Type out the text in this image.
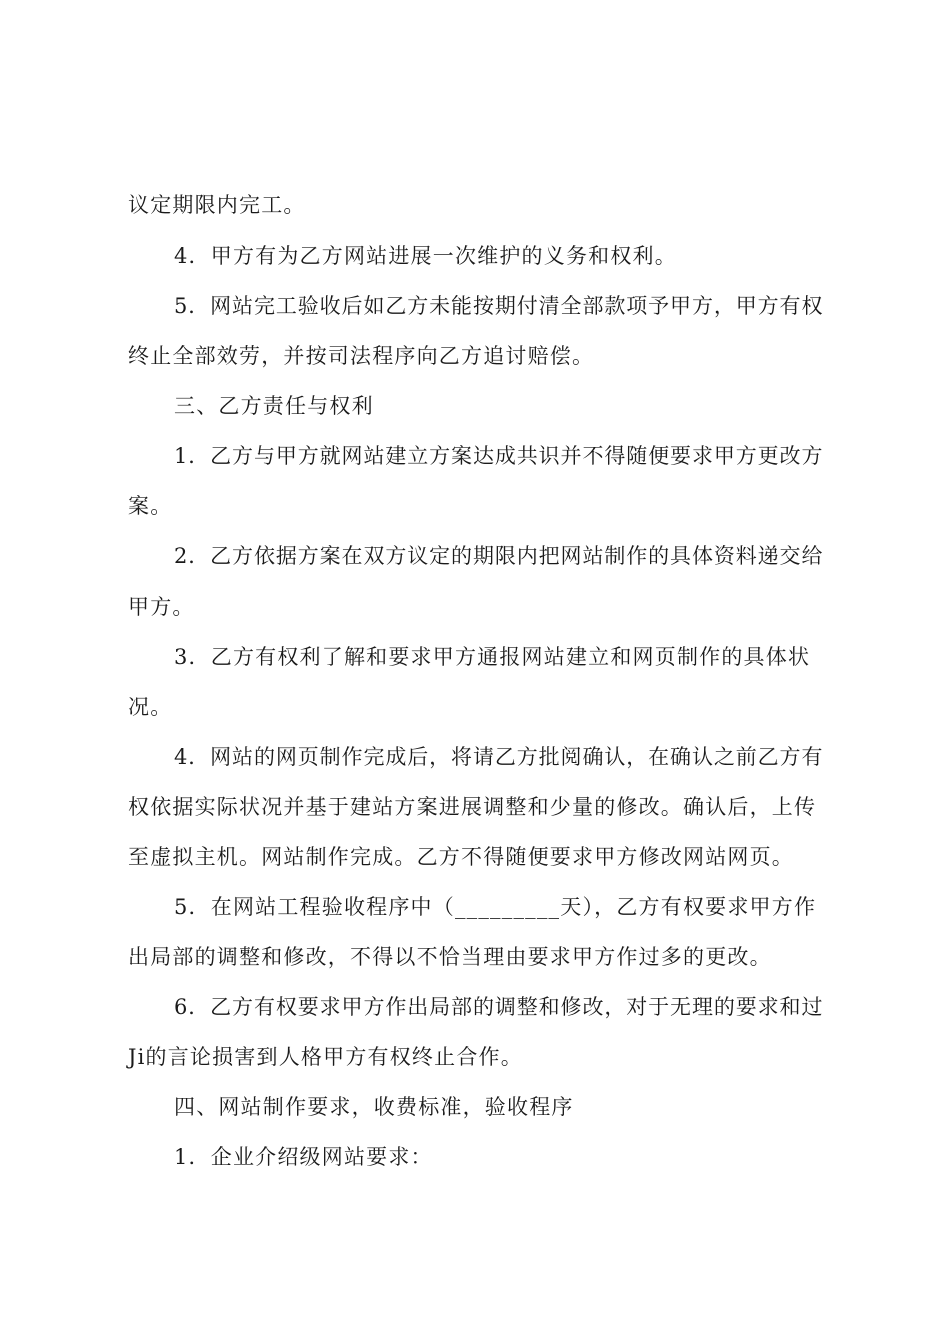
议定期限内完工。
4．甲方有为乙方网站进展一次维护的义务和权利。
5．网站完工验收后如乙方未能按期付清全部款项予甲方，甲方有权
终止全部效劳，并按司法程序向乙方追讨赔偿。
三、乙方责任与权利
1．乙方与甲方就网站建立方案达成共识并不得随便要求甲方更改方
案。
2．乙方依据方案在双方议定的期限内把网站制作的具体资料递交给
甲方。
3．乙方有权利了解和要求甲方通报网站建立和网页制作的具体状
况。
4．网站的网页制作完成后，将请乙方批阅确认，在确认之前乙方有
权依据实际状况并基于建站方案进展调整和少量的修改。确认后，上传
至虚拟主机。网站制作完成。乙方不得随便要求甲方修改网站网页。
5．在网站工程验收程序中（_________天），乙方有权要求甲方作
出局部的调整和修改，不得以不恰当理由要求甲方作过多的更改。
6．乙方有权要求甲方作出局部的调整和修改，对于无理的要求和过
Ji的言论损害到人格甲方有权终止合作。
四、网站制作要求，收费标准，验收程序
1．企业介绍级网站要求：
